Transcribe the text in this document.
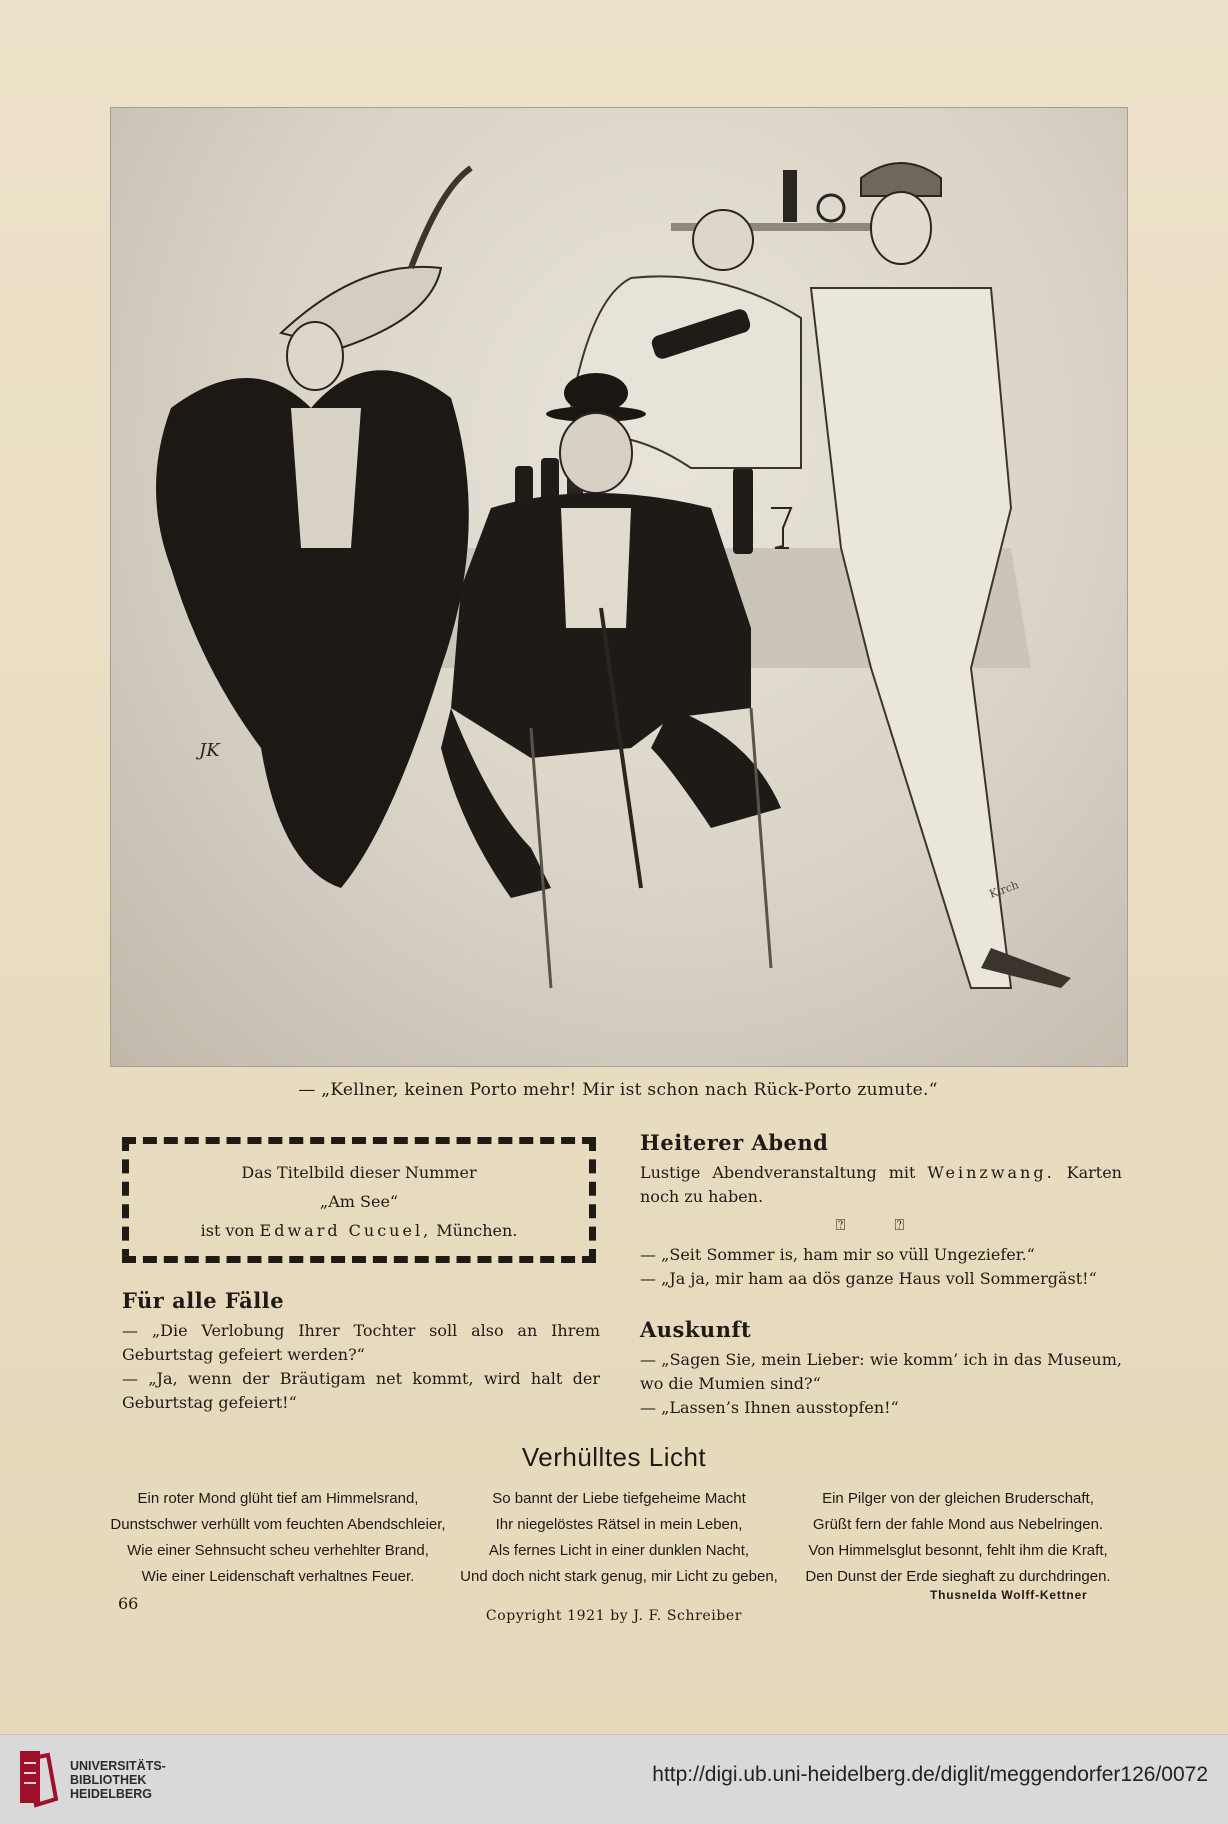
JK
Kirch
— „Kellner, keinen Porto mehr! Mir ist schon nach Rück-Porto zumute.“
Das Titelbild dieser Nummer
„Am See“
ist von Edward Cucuel, München.
Für alle Fälle

— „Die Verlobung Ihrer Tochter soll also an Ihrem Geburtstag gefeiert werden?“

— „Ja, wenn der Bräutigam net kommt, wird halt der Geburtstag gefeiert!“

Heiterer Abend

Lustige Abendveranstaltung mit Weinzwang. Karten noch zu haben.

⍰ ⍰

— „Seit Sommer is, ham mir so vüll Ungeziefer.“

— „Ja ja, mir ham aa dös ganze Haus voll Sommergäst!“

Auskunft

— „Sagen Sie, mein Lieber: wie komm’ ich in das Museum, wo die Mumien sind?“

— „Lassen’s Ihnen ausstopfen!“

Verhülltes Licht
Ein roter Mond glüht tief am Himmelsrand,
Dunstschwer verhüllt vom feuchten Abendschleier,
Wie einer Sehnsucht scheu verhehlter Brand,
Wie einer Leidenschaft verhaltnes Feuer.
So bannt der Liebe tiefgeheime Macht
Ihr niegelöstes Rätsel in mein Leben,
Als fernes Licht in einer dunklen Nacht,
Und doch nicht stark genug, mir Licht zu geben,
Ein Pilger von der gleichen Bruderschaft,
Grüßt fern der fahle Mond aus Nebelringen.
Von Himmelsglut besonnt, fehlt ihm die Kraft,
Den Dunst der Erde sieghaft zu durchdringen.
Thusnelda Wolff-Kettner
66
Copyright 1921 by J. F. Schreiber
UNIVERSITÄTS-
BIBLIOTHEK
HEIDELBERG
http://digi.ub.uni-heidelberg.de/diglit/meggendorfer126/0072
